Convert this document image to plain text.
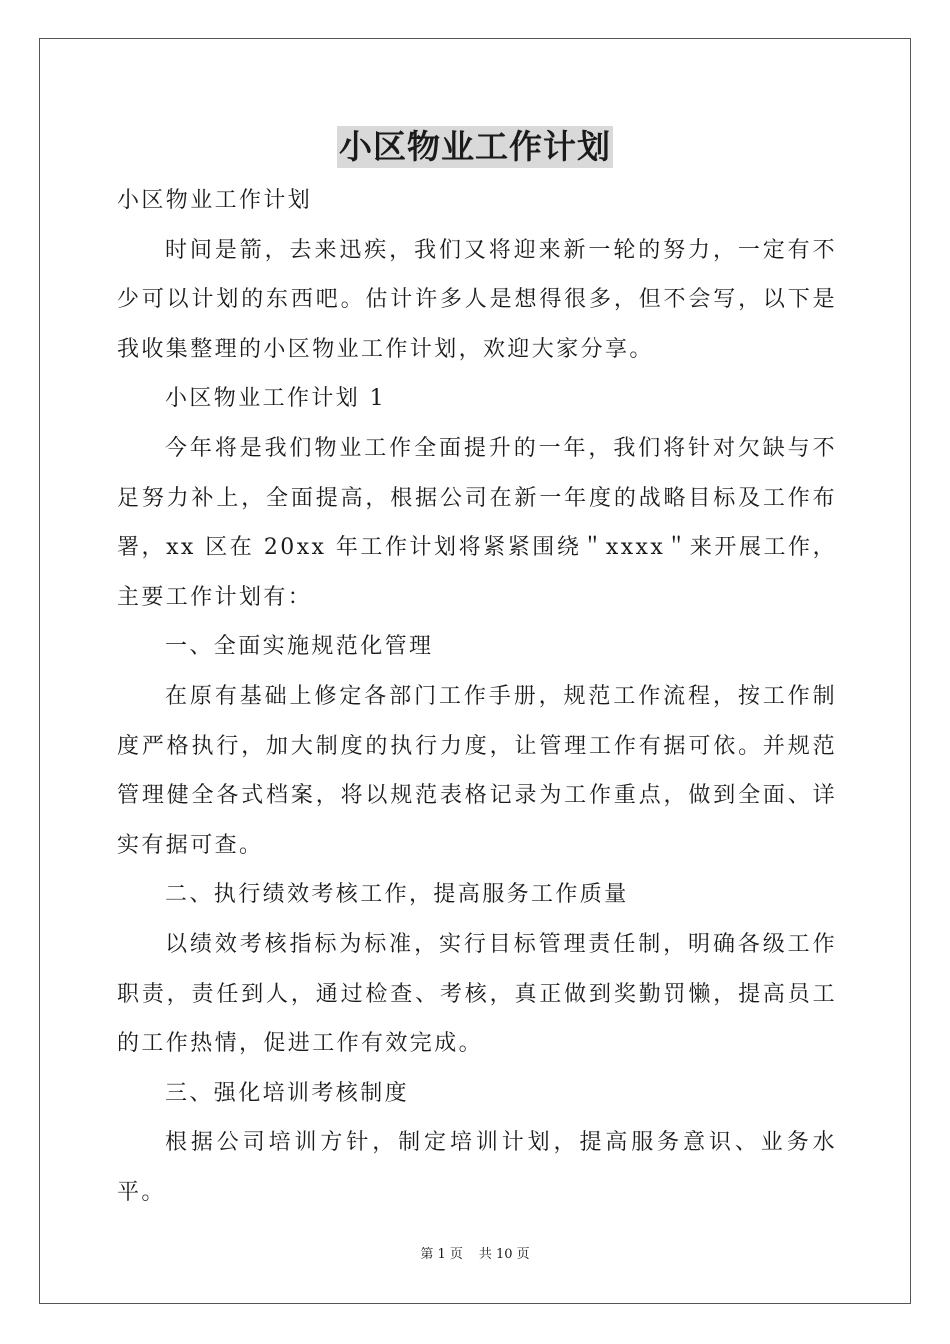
小区物业工作计划

小区物业工作计划

时间是箭，去来迅疾，我们又将迎来新一轮的努力，一定有不少可以计划的东西吧。估计许多人是想得很多，但不会写，以下是我收集整理的小区物业工作计划，欢迎大家分享。

小区物业工作计划 1

今年将是我们物业工作全面提升的一年，我们将针对欠缺与不足努力补上，全面提高，根据公司在新一年度的战略目标及工作布署，xx 区在 20xx 年工作计划将紧紧围绕＂xxxx＂来开展工作，主要工作计划有：

一、全面实施规范化管理

在原有基础上修定各部门工作手册，规范工作流程，按工作制度严格执行，加大制度的执行力度，让管理工作有据可依。并规范管理健全各式档案，将以规范表格记录为工作重点，做到全面、详实有据可查。

二、执行绩效考核工作，提高服务工作质量

以绩效考核指标为标准，实行目标管理责任制，明确各级工作职责，责任到人，通过检查、考核，真正做到奖勤罚懒，提高员工的工作热情，促进工作有效完成。

三、强化培训考核制度

根据公司培训方针，制定培训计划，提高服务意识、业务水平。

第 1 页 共 10 页
